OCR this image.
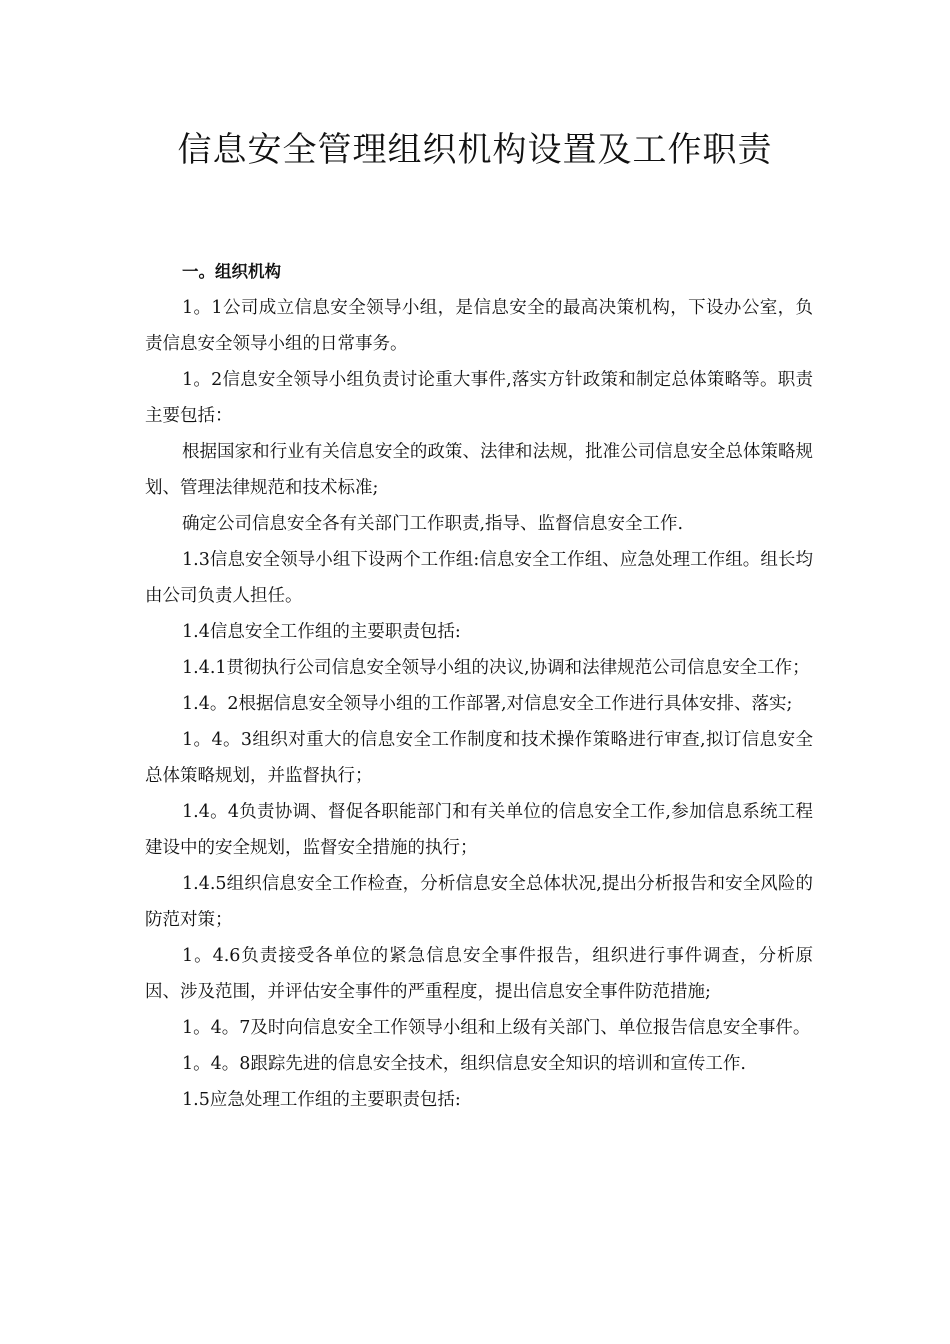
信息安全管理组织机构设置及工作职责

一。组织机构

1。1公司成立信息安全领导小组，是信息安全的最高决策机构，下设办公室，负责信息安全领导小组的日常事务。

1。2信息安全领导小组负责讨论重大事件,落实方针政策和制定总体策略等。职责主要包括：

根据国家和行业有关信息安全的政策、法律和法规，批准公司信息安全总体策略规划、管理法律规范和技术标准;

确定公司信息安全各有关部门工作职责,指导、监督信息安全工作.

1.3信息安全领导小组下设两个工作组:信息安全工作组、应急处理工作组。组长均由公司负责人担任。

1.4信息安全工作组的主要职责包括:

1.4.1贯彻执行公司信息安全领导小组的决议,协调和法律规范公司信息安全工作；

1.4。2根据信息安全领导小组的工作部署,对信息安全工作进行具体安排、落实;

1。4。3组织对重大的信息安全工作制度和技术操作策略进行审查,拟订信息安全总体策略规划，并监督执行；

1.4。4负责协调、督促各职能部门和有关单位的信息安全工作,参加信息系统工程建设中的安全规划，监督安全措施的执行；

1.4.5组织信息安全工作检查，分析信息安全总体状况,提出分析报告和安全风险的防范对策；

1。4.6负责接受各单位的紧急信息安全事件报告，组织进行事件调查，分析原因、涉及范围，并评估安全事件的严重程度，提出信息安全事件防范措施;

1。4。7及时向信息安全工作领导小组和上级有关部门、单位报告信息安全事件。

1。4。8跟踪先进的信息安全技术，组织信息安全知识的培训和宣传工作.

1.5应急处理工作组的主要职责包括:
